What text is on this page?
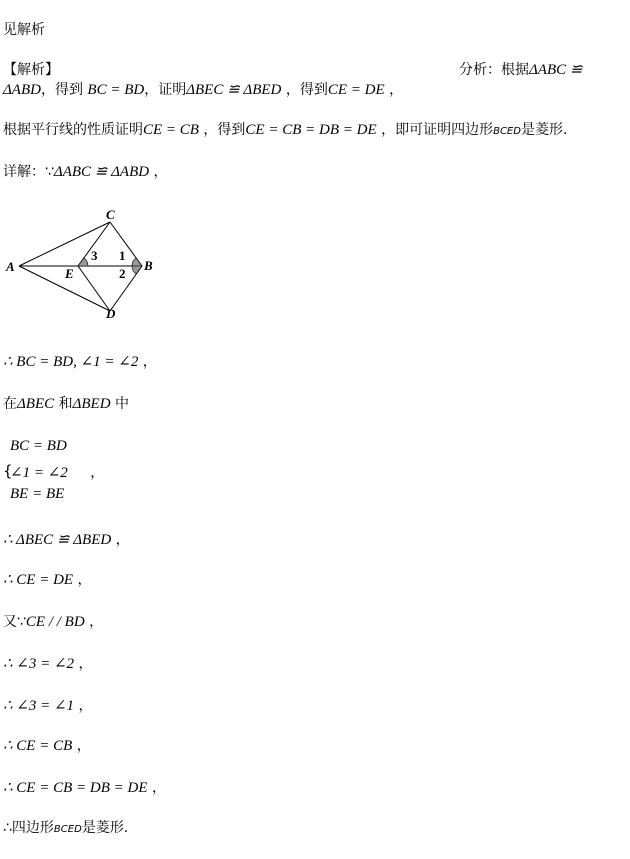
见解析
【解析】	分析：根据ΔABC ≌
ΔABD，得到 BC = BD，证明ΔBEC ≌ ΔBED ，得到CE = DE ，
根据平行线的性质证明CE = CB ，得到CE = CB = DB = DE ，即可证明四边形BCED是菱形.
详解：∵ΔABC ≌ ΔABD ，
C
A	E
B
D
3 1
2
∴ BC = BD, ∠1 = ∠2 ，
在ΔBEC 和ΔBED 中
BC = BD
{
∠1 = ∠2 ，
BE = BE
∴ ΔBEC ≌ ΔBED ，
∴ CE = DE ，
又∵CE / / BD ，
∴ ∠3 = ∠2 ，
∴ ∠3 = ∠1 ，
∴ CE = CB ，
∴ CE = CB = DB = DE ，
∴四边形BCED是菱形.
